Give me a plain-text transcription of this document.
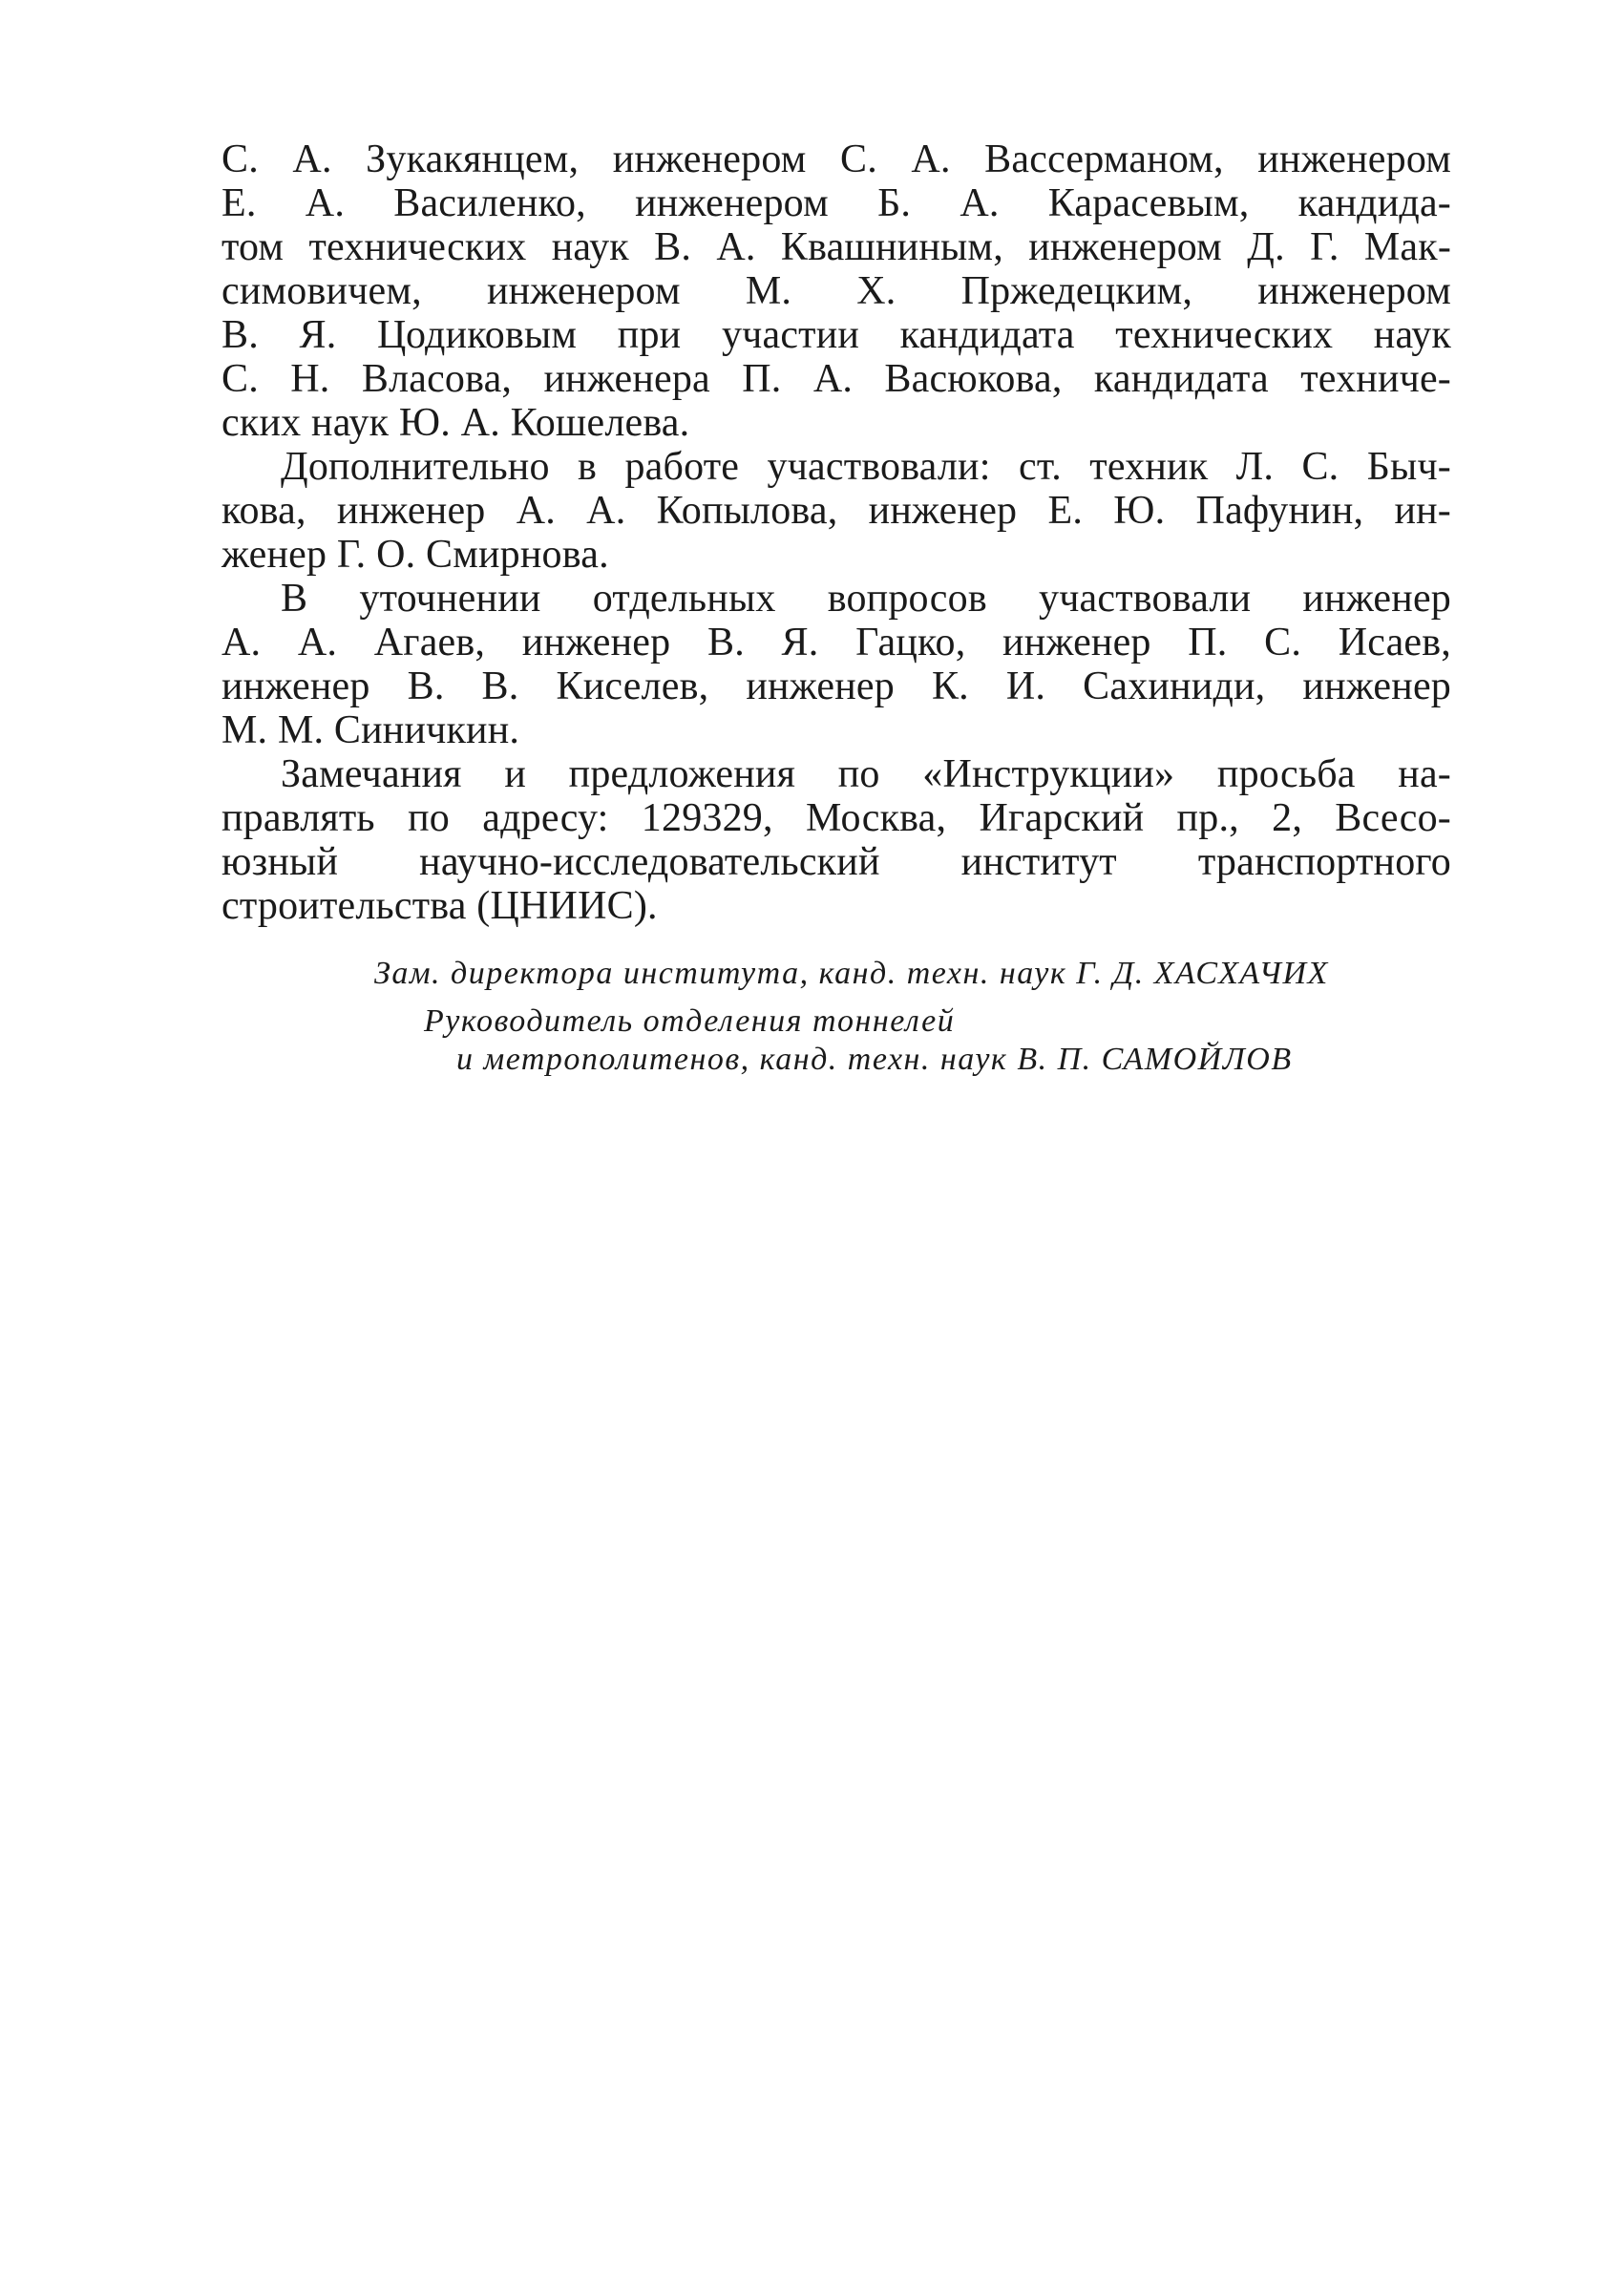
С. А. Зукакянцем, инженером С. А. Вассерманом, инженером
Е. А. Василенко, инженером Б. А. Карасевым, кандида-
том технических наук В. А. Квашниным, инженером Д. Г. Мак-
симовичем, инженером М. Х. Пржедецким, инженером
В. Я. Цодиковым при участии кандидата технических наук
С. Н. Власова, инженера П. А. Васюкова, кандидата техниче-
ских наук Ю. А. Кошелева.
Дополнительно в работе участвовали: ст. техник Л. С. Быч-
кова, инженер А. А. Копылова, инженер Е. Ю. Пафунин, ин-
женер Г. О. Смирнова.
В уточнении отдельных вопросов участвовали инженер
А. А. Агаев, инженер В. Я. Гацко, инженер П. С. Исаев,
инженер В. В. Киселев, инженер К. И. Сахиниди, инженер
М. М. Синичкин.
Замечания и предложения по «Инструкции» просьба на-
правлять по адресу: 129329, Москва, Игарский пр., 2, Всесо-
юзный научно-исследовательский институт транспортного
строительства (ЦНИИС).
Зам. директора института, канд. техн. наук Г. Д. ХАСХАЧИХ
Руководитель отделения тоннелей
и метрополитенов, канд. техн. наук В. П. САМОЙЛОВ
